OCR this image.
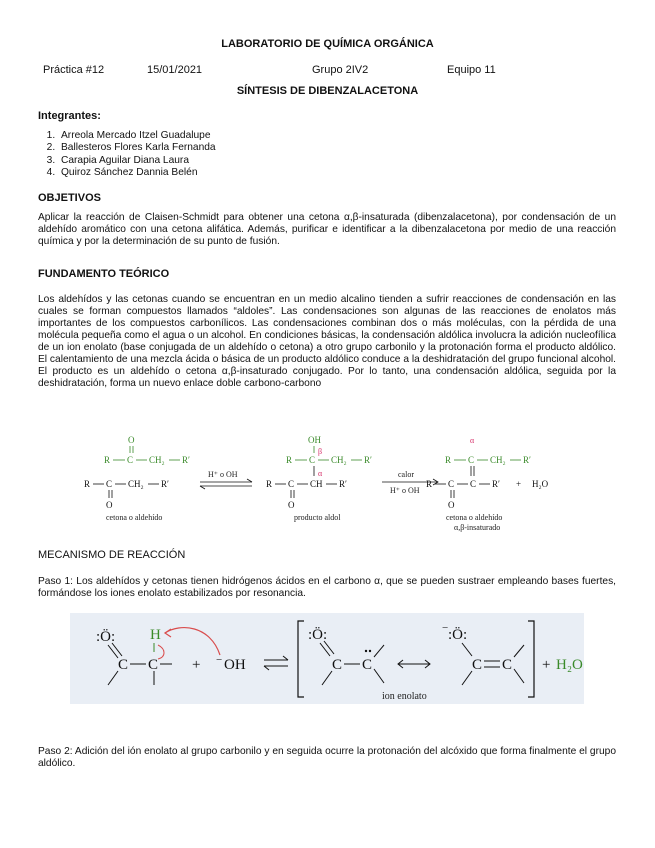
LABORATORIO DE QUÍMICA ORGÁNICA
Práctica #12	15/01/2021	Grupo 2IV2	Equipo 11
SÍNTESIS DE DIBENZALACETONA
Integrantes:
1. Arreola Mercado Itzel Guadalupe
2. Ballesteros Flores Karla Fernanda
3. Carapia Aguilar Diana Laura
4. Quiroz Sánchez Dannia Belén
OBJETIVOS
Aplicar la reacción de Claisen-Schmidt para obtener una cetona α,β-insaturada (dibenzalacetona), por condensación de un aldehído aromático con una cetona alifática. Además, purificar e identificar a la dibenzalacetona por medio de una reacción química y por la determinación de su punto de fusión.
FUNDAMENTO TEÓRICO
Los aldehídos y las cetonas cuando se encuentran en un medio alcalino tienden a sufrir reacciones de condensación en las cuales se forman compuestos llamados “aldoles”. Las condensaciones son algunas de las reacciones de enolatos más importantes de los compuestos carbonílicos. Las condensaciones combinan dos o más moléculas, con la pérdida de una molécula pequeña como el agua o un alcohol. En condiciones básicas, la condensación aldólica involucra la adición nucleofílica de un ion enolato (base conjugada de un aldehído o cetona) a otro grupo carbonilo y la protonación forma el producto aldólico. El calentamiento de una mezcla ácida o básica de un producto aldólico conduce a la deshidratación del grupo funcional alcohol. El producto es un aldehído o cetona α,β-insaturado conjugado. Por lo tanto, una condensación aldólica, seguida por la deshidratación, forma un nuevo enlace doble carbono-carbono
O
R C CH₂ R′
R C CH₂ R′
O
cetona o aldehído
H⁺ o OH
OH
β
R C CH₂ R′
α
R C CH R′
O
producto aldol
calor
H⁺ o OH
α
R C CH₂ R′
R C C R′ + H₂O
O
cetona o aldehído
α,β-insaturado
MECANISMO DE REACCIÓN
Paso 1: Los aldehídos y cetonas tienen hidrógenos ácidos en el carbono α, que se pueden sustraer empleando bases fuertes, formándose los iones enolato estabilizados por resonancia.
:Ö:
C C
H
+ − OH
:Ö:
C C
− :Ö:
C C + H₂O
ion enolato
Paso 2: Adición del ión enolato al grupo carbonilo y en seguida ocurre la protonación del alcóxido que forma finalmente el grupo aldólico.
